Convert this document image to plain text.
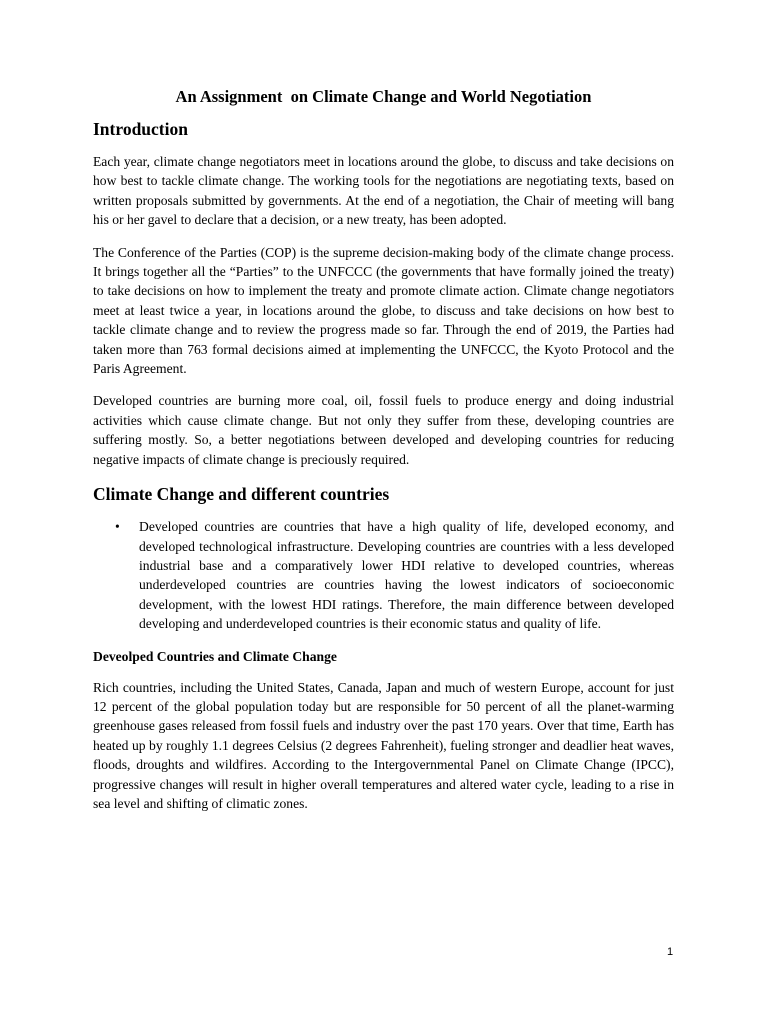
An Assignment  on Climate Change and World Negotiation
Introduction

Each year, climate change negotiators meet in locations around the globe, to discuss and take decisions on how best to tackle climate change. The working tools for the negotiations are negotiating texts, based on written proposals submitted by governments. At the end of a negotiation, the Chair of meeting will bang his or her gavel to declare that a decision, or a new treaty, has been adopted.

The Conference of the Parties (COP) is the supreme decision-making body of the climate change process. It brings together all the “Parties” to the UNFCCC (the governments that have formally joined the treaty) to take decisions on how to implement the treaty and promote climate action. Climate change negotiators meet at least twice a year, in locations around the globe, to discuss and take decisions on how best to tackle climate change and to review the progress made so far. Through the end of 2019, the Parties had taken more than 763 formal decisions aimed at implementing the UNFCCC, the Kyoto Protocol and the Paris Agreement.

Developed countries are burning more coal, oil, fossil fuels to produce energy and doing industrial activities which cause climate change. But not only they suffer from these, developing countries are suffering mostly. So, a better negotiations between developed and developing countries for reducing negative impacts of climate change is preciously required.

Climate Change and different countries
• Developed countries are countries that have a high quality of life, developed economy, and developed technological infrastructure. Developing countries are countries with a less developed industrial base and a comparatively lower HDI relative to developed countries, whereas underdeveloped countries are countries having the lowest indicators of socioeconomic development, with the lowest HDI ratings. Therefore, the main difference between developed developing and underdeveloped countries is their economic status and quality of life.
Deveolped Countries and Climate Change

Rich countries, including the United States, Canada, Japan and much of western Europe, account for just 12 percent of the global population today but are responsible for 50 percent of all the planet-warming greenhouse gases released from fossil fuels and industry over the past 170 years. Over that time, Earth has heated up by roughly 1.1 degrees Celsius (2 degrees Fahrenheit), fueling stronger and deadlier heat waves, floods, droughts and wildfires. According to the Intergovernmental Panel on Climate Change (IPCC), progressive changes will result in higher overall temperatures and altered water cycle, leading to a rise in sea level and shifting of climatic zones.

1
